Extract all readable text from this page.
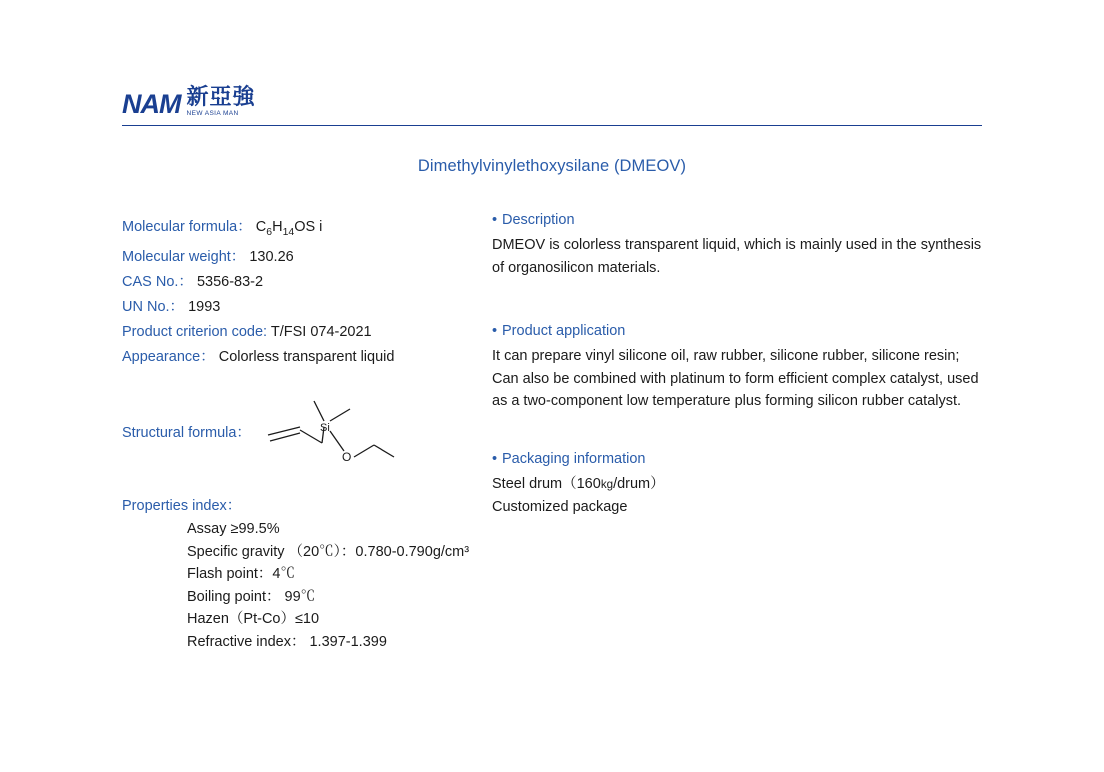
NAM 新亞強
NEW ASIA MAN
Dimethylvinylethoxysilane (DMEOV)
Molecular formula： $C_6H_{14}OS$ i
Molecular weight： 130.26
CAS No.： 5356-83-2
UN No.： 1993
Product criterion code: T/FSI 074-2021
Appearance： Colorless transparent liquid
Structural formula：	Si
O
Properties index：
Assay ≥99.5%
Specific gravity （20℃）：0.780-0.790g/cm³
Flash point：4℃
Boiling point： 99℃
Hazen（Pt-Co）≤10
Refractive index： 1.397-1.399
• Description
DMEOV is colorless transparent liquid, which is mainly used in the synthesis of organosilicon materials.
• Product application
It can prepare vinyl silicone oil, raw rubber, silicone rubber, silicone resin; Can also be combined with platinum to form efficient complex catalyst, used as a two-component low temperature plus forming silicon rubber catalyst.
• Packaging information
Steel drum（160kg/drum）
Customized package
